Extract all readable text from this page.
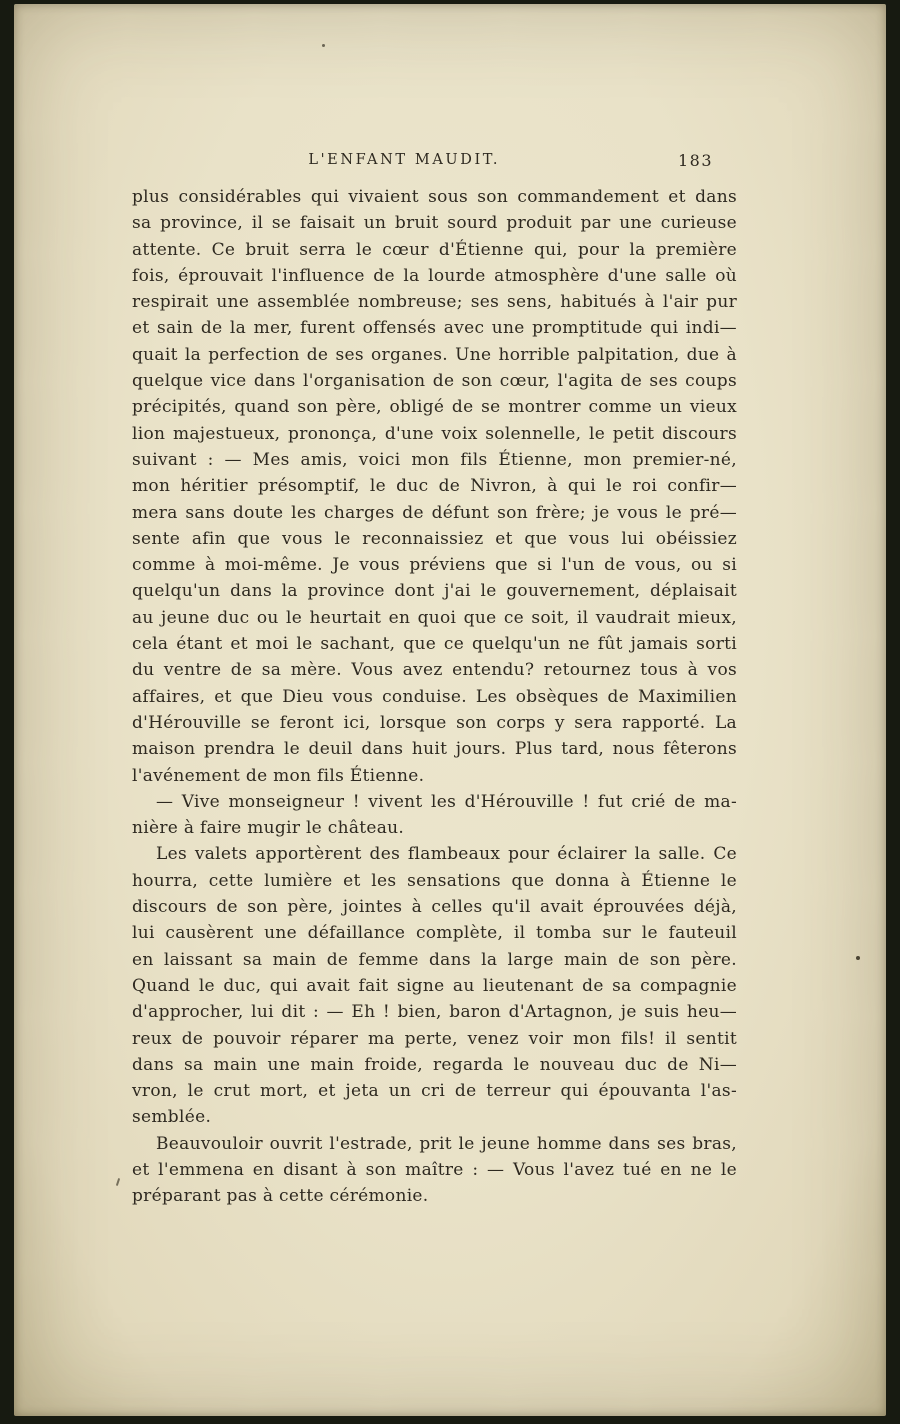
L'ENFANT MAUDIT.	183
plus considérables qui vivaient sous son commandement et dans
sa province, il se faisait un bruit sourd produit par une curieuse
attente. Ce bruit serra le cœur d'Étienne qui, pour la première
fois, éprouvait l'influence de la lourde atmosphère d'une salle où
respirait une assemblée nombreuse; ses sens, habitués à l'air pur
et sain de la mer, furent offensés avec une promptitude qui indi—
quait la perfection de ses organes. Une horrible palpitation, due à
quelque vice dans l'organisation de son cœur, l'agita de ses coups
précipités, quand son père, obligé de se montrer comme un vieux
lion majestueux, prononça, d'une voix solennelle, le petit discours
suivant : — Mes amis, voici mon fils Étienne, mon premier-né,
mon héritier présomptif, le duc de Nivron, à qui le roi confir—
mera sans doute les charges de défunt son frère; je vous le pré—
sente afin que vous le reconnaissiez et que vous lui obéissiez
comme à moi-même. Je vous préviens que si l'un de vous, ou si
quelqu'un dans la province dont j'ai le gouvernement, déplaisait
au jeune duc ou le heurtait en quoi que ce soit, il vaudrait mieux,
cela étant et moi le sachant, que ce quelqu'un ne fût jamais sorti
du ventre de sa mère. Vous avez entendu? retournez tous à vos
affaires, et que Dieu vous conduise. Les obsèques de Maximilien
d'Hérouville se feront ici, lorsque son corps y sera rapporté. La
maison prendra le deuil dans huit jours. Plus tard, nous fêterons
l'avénement de mon fils Étienne.
— Vive monseigneur ! vivent les d'Hérouville ! fut crié de ma-
nière à faire mugir le château.
Les valets apportèrent des flambeaux pour éclairer la salle. Ce
hourra, cette lumière et les sensations que donna à Étienne le
discours de son père, jointes à celles qu'il avait éprouvées déjà,
lui causèrent une défaillance complète, il tomba sur le fauteuil
en laissant sa main de femme dans la large main de son père.
Quand le duc, qui avait fait signe au lieutenant de sa compagnie
d'approcher, lui dit : — Eh ! bien, baron d'Artagnon, je suis heu—
reux de pouvoir réparer ma perte, venez voir mon fils! il sentit
dans sa main une main froide, regarda le nouveau duc de Ni—
vron, le crut mort, et jeta un cri de terreur qui épouvanta l'as-
semblée.
Beauvouloir ouvrit l'estrade, prit le jeune homme dans ses bras,
et l'emmena en disant à son maître : — Vous l'avez tué en ne le
préparant pas à cette cérémonie.
